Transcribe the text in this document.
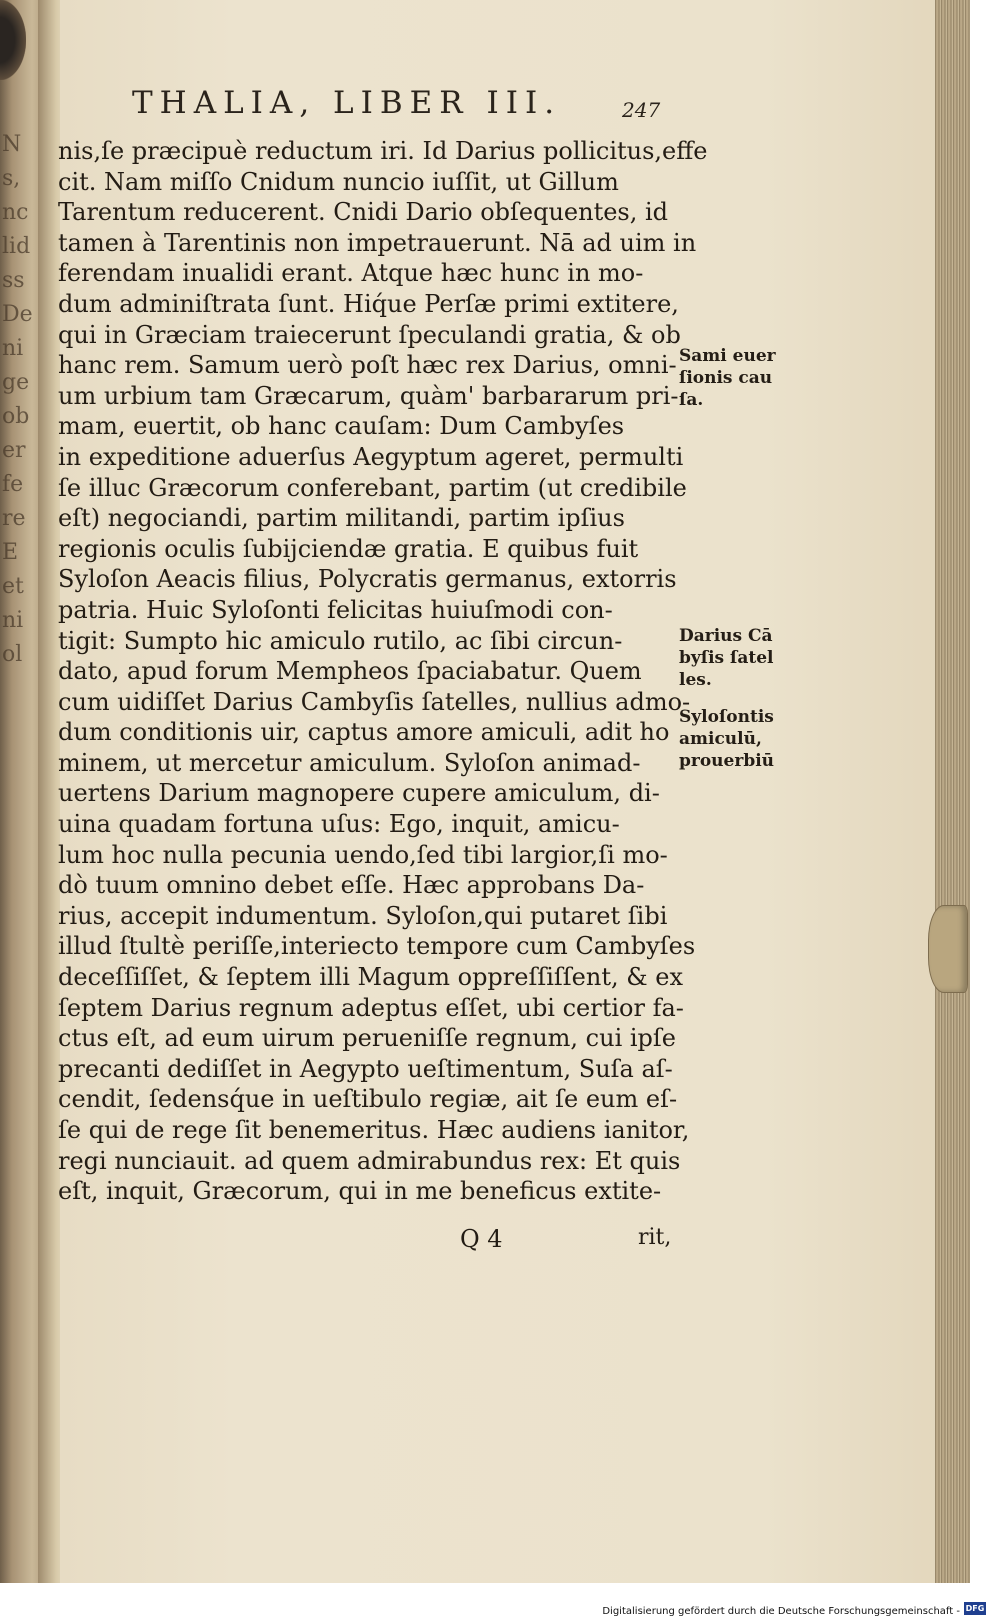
N
s,
nc
lid
ss
De
ni
ge
ob
er
fe
re
E
et
ni
ol
THALIA, LIBER III.	247
nis,ſe præcipuè reductum iri. Id Darius pollicitus,effe
cit. Nam miſſo Cnidum nuncio iuſſit, ut Gillum
Tarentum reducerent. Cnidi Dario obſequentes, id
tamen à Tarentinis non impetrauerunt. Nā ad uim in
ferendam inualidi erant. Atque hæc hunc in mo-
dum adminiſtrata ſunt. Hiq́ue Perſæ primi extitere,
qui in Græciam traiecerunt ſpeculandi gratia, & ob
hanc rem. Samum uerò poſt hæc rex Darius, omni-
um urbium tam Græcarum, quàm' barbararum pri-
mam, euertit, ob hanc cauſam: Dum Cambyſes
in expeditione aduerſus Aegyptum ageret, permulti
ſe illuc Græcorum conferebant, partim (ut credibile
eſt) negociandi, partim militandi, partim ipſius
regionis oculis ſubijciendæ gratia. E quibus fuit
Syloſon Aeacis filius, Polycratis germanus, extorris
patria. Huic Syloſonti felicitas huiuſmodi con-
tigit: Sumpto hic amiculo rutilo, ac ſibi circun-
dato, apud forum Mempheos ſpaciabatur. Quem
cum uidiſſet Darius Cambyſis ſatelles, nullius admo-
dum conditionis uir, captus amore amiculi, adit ho
minem, ut mercetur amiculum. Syloſon animad-
uertens Darium magnopere cupere amiculum, di-
uina quadam fortuna uſus: Ego, inquit, amicu-
lum hoc nulla pecunia uendo,ſed tibi largior,ſi mo-
dò tuum omnino debet eſſe. Hæc approbans Da-
rius, accepit indumentum. Syloſon,qui putaret ſibi
illud ſtultè periſſe,interiecto tempore cum Cambyſes
deceſſiſſet, & ſeptem illi Magum oppreſſiſſent, & ex
ſeptem Darius regnum adeptus eſſet, ubi certior fa-
ctus eſt, ad eum uirum perueniſſe regnum, cui ipſe
precanti dediſſet in Aegypto ueſtimentum, Suſa aſ-
cendit, ſedensq́ue in ueſtibulo regiæ, ait ſe eum eſ-
ſe qui de rege ſit benemeritus. Hæc audiens ianitor,
regi nunciauit. ad quem admirabundus rex: Et quis
eſt, inquit, Græcorum, qui in me beneficus extite-
Sami euer
ſionis cau
ſa.
Darius Cā
byſis ſatel
les.
Syloſontis
amiculū,
prouerbiū
Q 4	rit,
Digitalisierung gefördert durch die Deutsche Forschungsgemeinschaft - DFG
